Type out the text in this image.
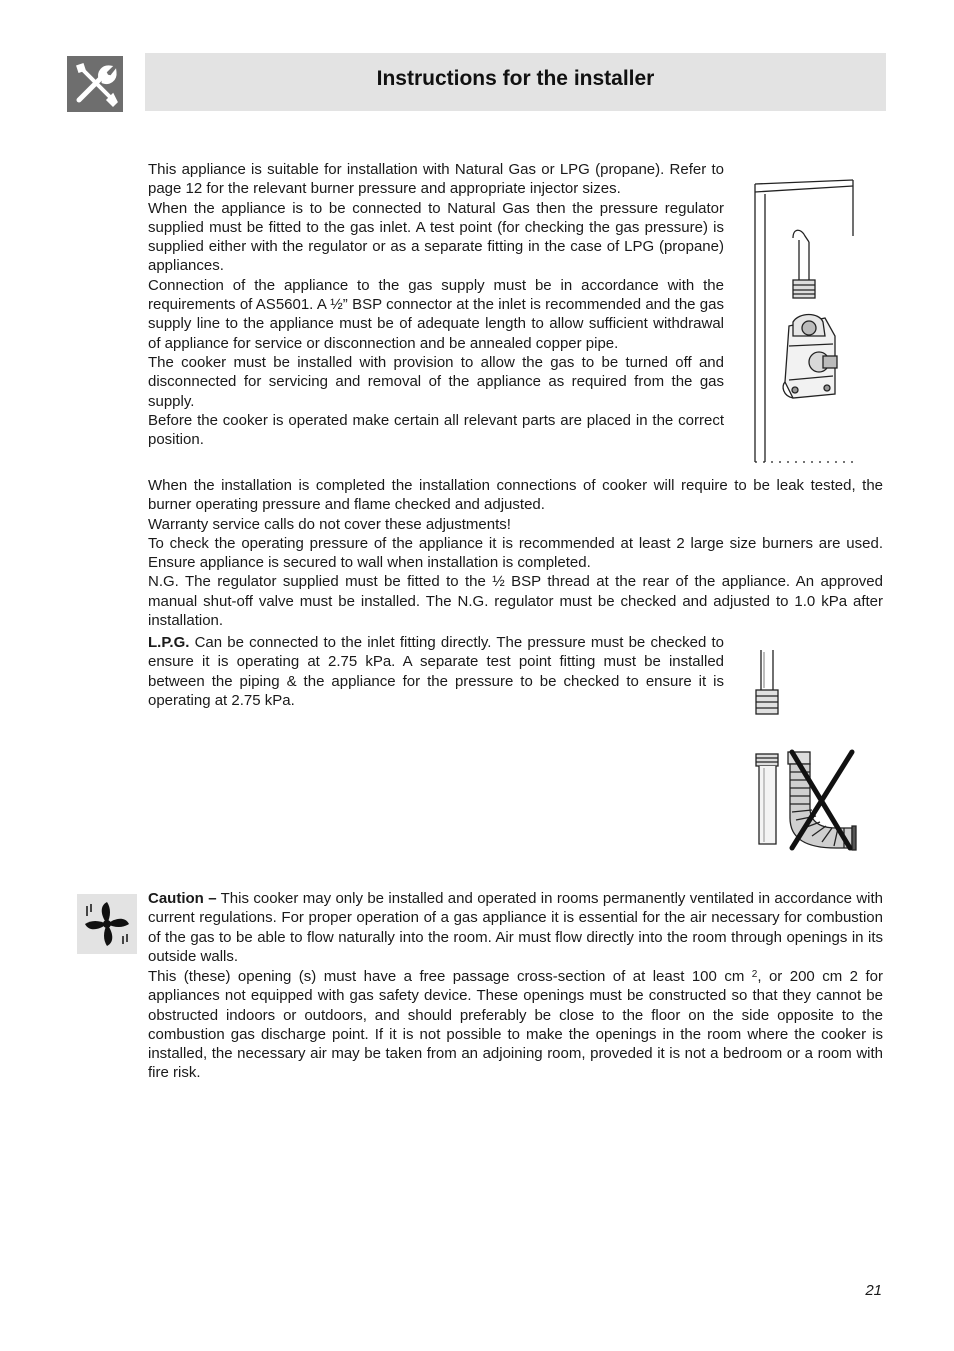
Instructions for the installer

This appliance is suitable for installation with Natural Gas or LPG (propane). Refer to page 12 for the relevant burner pressure and appropriate injector sizes.

When the appliance is to be connected to Natural Gas then the pressure regulator supplied must be fitted to the gas inlet. A test point (for checking the gas pressure) is supplied either with the regulator or as a separate fitting in the case of LPG (propane) appliances.

Connection of the appliance to the gas supply must be in accordance with the requirements of AS5601. A ½” BSP connector at the inlet is recommended and the gas supply line to the appliance must be of adequate length to allow sufficient withdrawal of appliance for service or disconnection and be annealed copper pipe.

The cooker must be installed with provision to allow the gas to be turned off and disconnected for servicing and removal of the appliance as required from the gas supply.

Before the cooker is operated make certain all relevant parts are placed in the correct position.

When the installation is completed the installation connections of cooker will require to be leak tested, the burner operating pressure and flame checked and adjusted.

Warranty service calls do not cover these adjustments!

To check the operating pressure of the appliance it is recommended at least 2 large size burners are used. Ensure appliance is secured to wall when installation is completed.

N.G. The regulator supplied must be fitted to the ½ BSP thread at the rear of the appliance. An approved manual shut-off valve must be installed. The N.G. regulator must be checked and adjusted to 1.0 kPa after installation.

L.P.G. Can be connected to the inlet fitting directly. The pressure must be checked to ensure it is operating at 2.75 kPa. A separate test point fitting must be installed between the piping & the appliance for the pressure to be checked to ensure it is operating at 2.75 kPa.

Caution – This cooker may only be installed and operated in rooms permanently ventilated in accordance with current regulations. For proper operation of a gas appliance it is essential for the air necessary for combustion of the gas to be able to flow naturally into the room. Air must flow directly into the room through openings in its outside walls.

This (these) opening (s) must have a free passage cross-section of at least 100 cm $^2$, or 200 cm 2 for appliances not equipped with gas safety device. These openings must be constructed so that they cannot be obstructed indoors or outdoors, and should preferably be close to the floor on the side opposite to the combustion gas discharge point. If it is not possible to make the openings in the room where the cooker is installed, the necessary air may be taken from an adjoining room, proveded it is not a bedroom or a room with fire risk.

21
